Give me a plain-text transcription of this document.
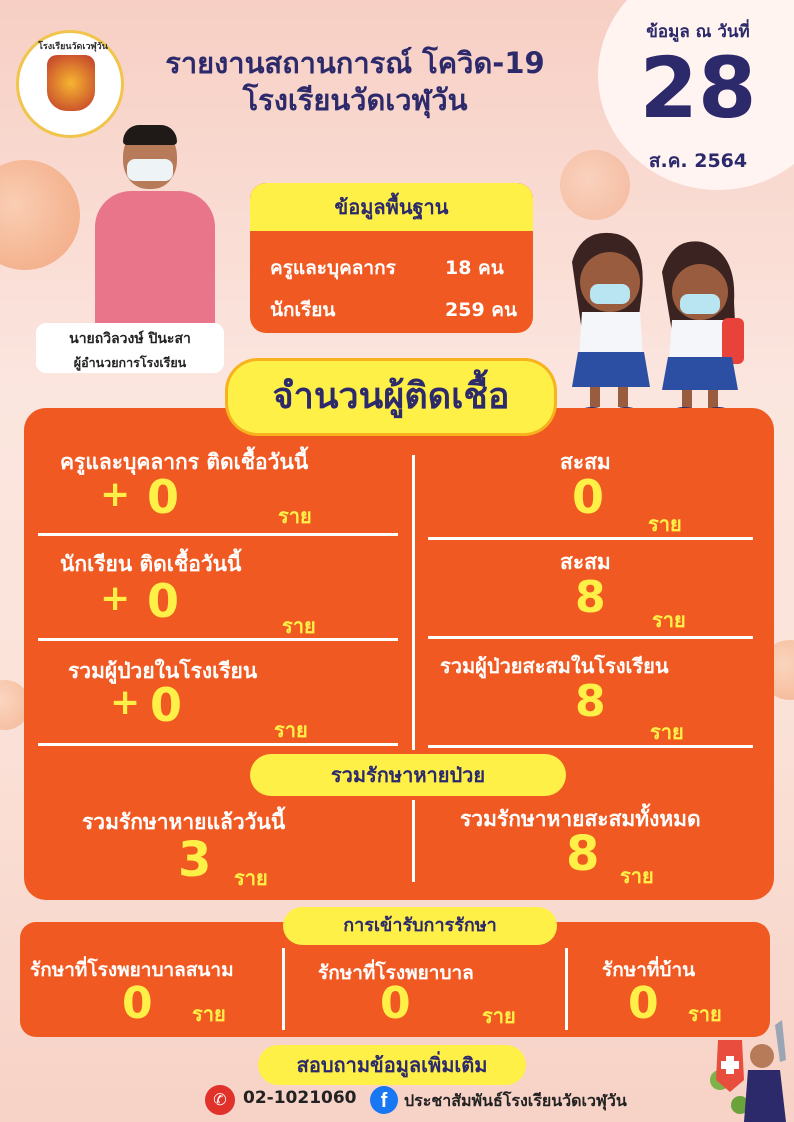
ข้อมูล ณ วันที่
28
ส.ค. 2564
โรงเรียนวัดเวฬุวัน	รายงานสถานการณ์ โควิด-19
โรงเรียนวัดเวฬุวัน
นายถวิลวงษ์ ปินะสา
ผู้อำนวยการโรงเรียน
ข้อมูลพื้นฐาน
ครูและบุคลากร	18 คน
นักเรียน	259 คน
จำนวนผู้ติดเชื้อ
ครูและบุคลากร ติดเชื้อวันนี้
+ 0	ราย
นักเรียน ติดเชื้อวันนี้
+ 0	ราย
รวมผู้ป่วยในโรงเรียน
+ 0	ราย
สะสม
0 ราย
สะสม
8 ราย
รวมผู้ป่วยสะสมในโรงเรียน
8
ราย
รวมรักษาหายป่วย
รวมรักษาหายแล้ววันนี้
3 ราย
รวมรักษาหายสะสมทั้งหมด
8 ราย
การเข้ารับการรักษา
รักษาที่โรงพยาบาลสนาม
0 ราย
รักษาที่โรงพยาบาล
0	ราย
รักษาที่บ้าน
0 ราย
สอบถามข้อมูลเพิ่มเติม
✆ 02-1021060	f	ประชาสัมพันธ์โรงเรียนวัดเวฬุวัน
